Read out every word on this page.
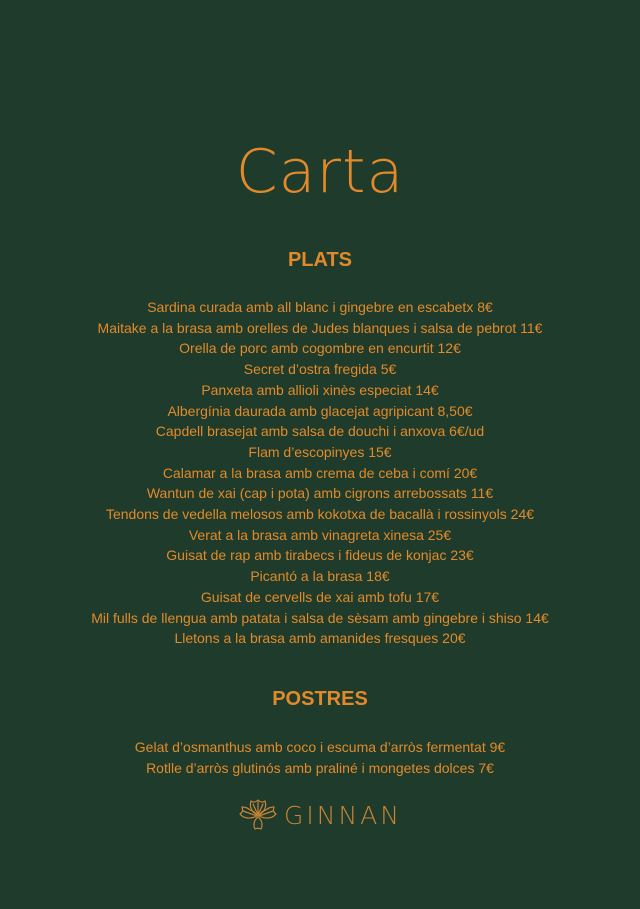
Carta
PLATS
Sardina curada amb all blanc i gingebre en escabetx 8€
Maitake a la brasa amb orelles de Judes blanques i salsa de pebrot 11€
Orella de porc amb cogombre en encurtit 12€
Secret d’ostra fregida 5€
Panxeta amb allioli xinès especiat 14€
Albergínia daurada amb glacejat agripicant 8,50€
Capdell brasejat amb salsa de douchi i anxova 6€/ud
Flam d’escopinyes 15€
Calamar a la brasa amb crema de ceba i comí 20€
Wantun de xai (cap i pota) amb cigrons arrebossats 11€
Tendons de vedella melosos amb kokotxa de bacallà i rossinyols 24€
Verat a la brasa amb vinagreta xinesa 25€
Guisat de rap amb tirabecs i fideus de konjac 23€
Picantó a la brasa 18€
Guisat de cervells de xai amb tofu 17€
Mil fulls de llengua amb patata i salsa de sèsam amb gingebre i shiso 14€
Lletons a la brasa amb amanides fresques 20€
POSTRES
Gelat d’osmanthus amb coco i escuma d’arròs fermentat 9€
Rotlle d’arròs glutinós amb praliné i mongetes dolces 7€
GINNAN
